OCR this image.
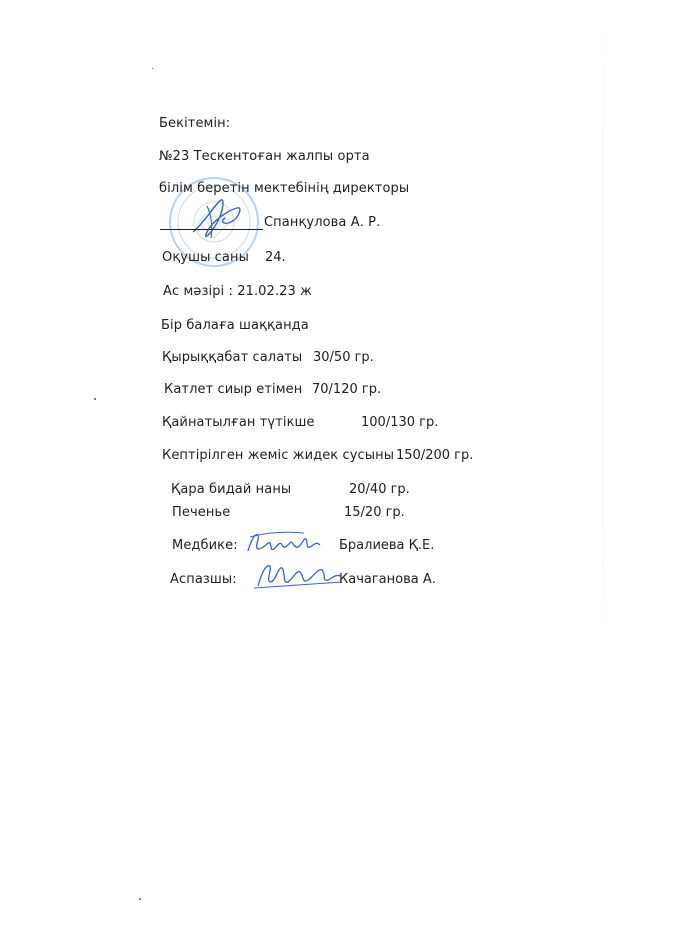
Бекітемін:
№23 Тескентоған жалпы орта
білім беретін мектебінің директоры
Спанқулова А. Р.
Оқушы саны 24.
Ас мәзірі : 21.02.23 ж
Бір балаға шаққанда
Қырыққабат салаты 30/50 гр.
Катлет сиыр етімен 70/120 гр.
Қайнатылған түтікше	100/130 гр.
Кептірілген жеміс жидек сусыны 150/200 гр.
Қара бидай наны	20/40 гр.
Печенье	15/20 гр.
Медбике:	Бралиева Қ.Е.
Аспазшы:	Качаганова А.
